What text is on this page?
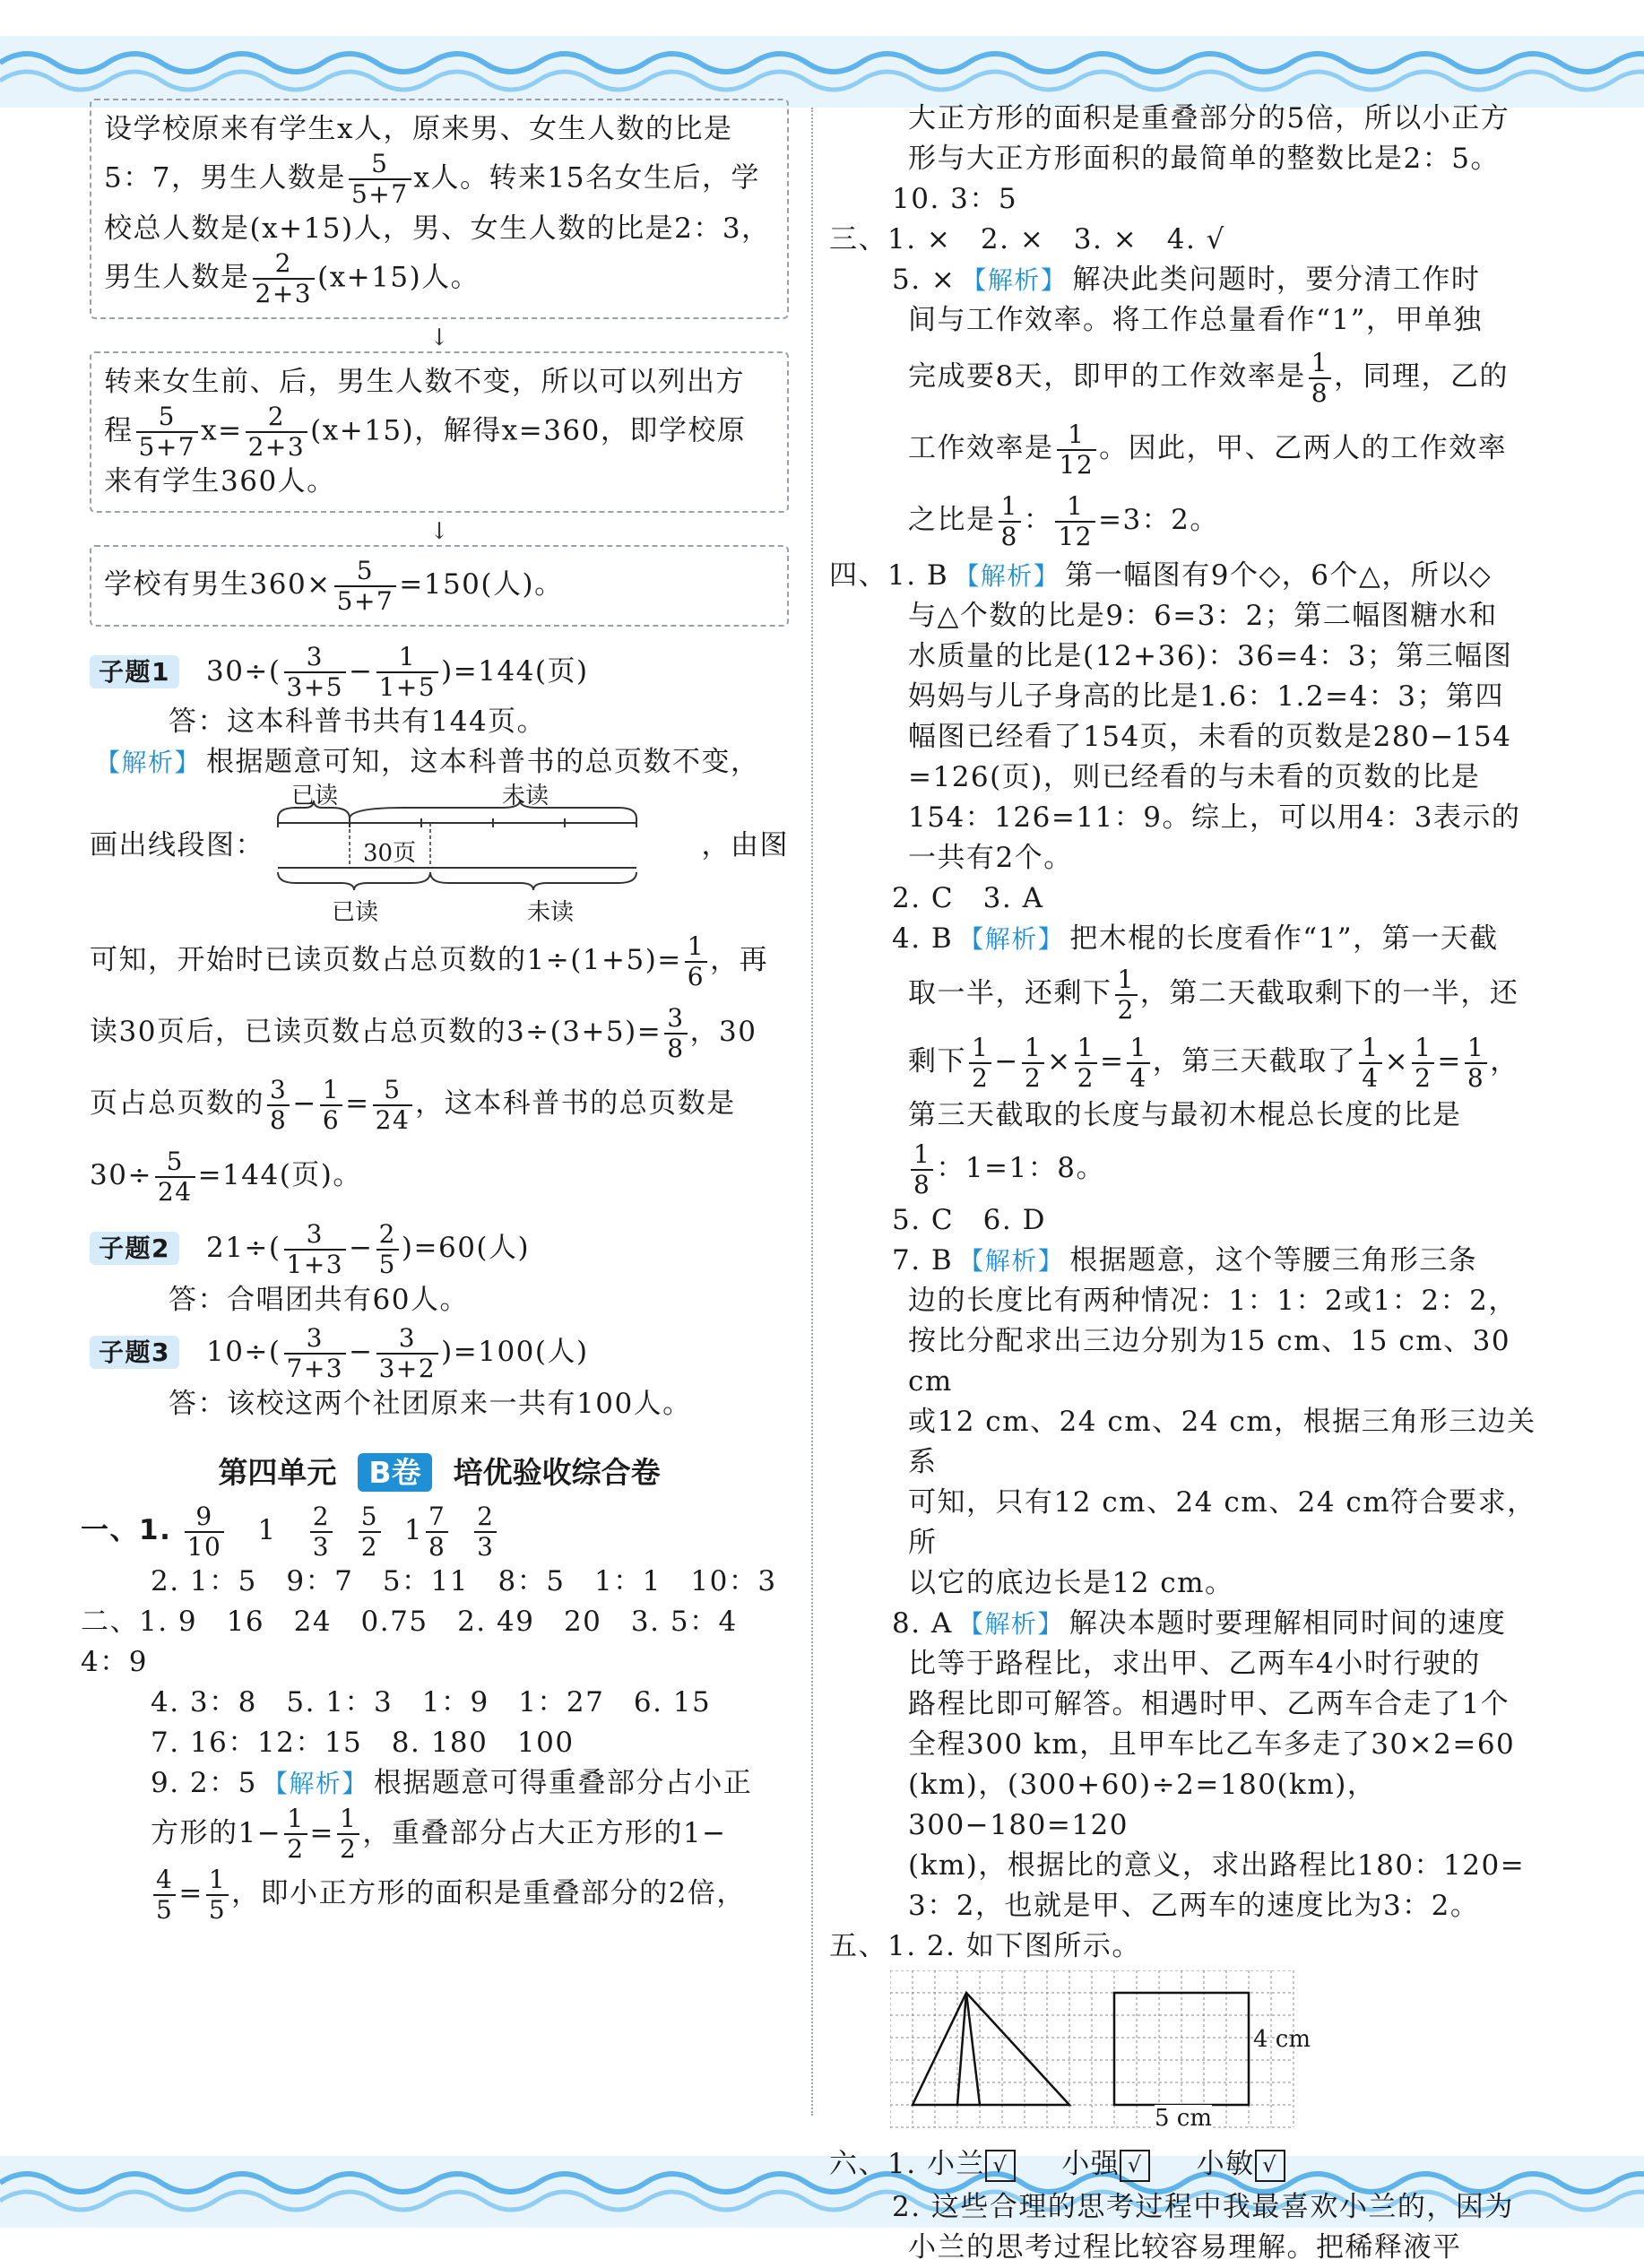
设学校原来有学生x人，原来男、女生人数的比是

5：7，男生人数是 $\frac{5}{5+7}$ x人。转来15名女生后，学

校总人数是(x+15)人，男、女生人数的比是2：3，

男生人数是 $\frac{2}{2+3} (x+15)$人。

↓

转来女生前、后，男生人数不变，所以可以列出方

程 $\frac{5}{5+7} x= \frac{2}{2+3} (x+15)$，解得x=360，即学校原

来有学生360人。

↓

学校有男生$360\times \frac{5}{5+7} =150$(人)。

子题1 $30\div( \frac{3}{3+5} - \frac{1}{1+5} )=144$(页)

答：这本科普书共有144页。

【解析】 根据题意可知，这本科普书的总页数不变，

画出线段图：	，由图
已读	未读
30页
已读	未读

可知，开始时已读页数占总页数的$1\div(1+5)= \frac{1}{6}$ ，再

读30页后，已读页数占总页数的$3\div(3+5)= \frac{3}{8}$ ，30

页占总页数的 $\frac{3}{8} - \frac{1}{6} = \frac{5}{24}$ ，这本科普书的总页数是

$30\div \frac{5}{24} =144$(页)。

子题2 $21\div( \frac{3}{1+3} - \frac{2}{5} )=60$(人)

答：合唱团共有60人。

子题3 $10\div( \frac{3}{7+3} - \frac{3}{3+2} )=100$(人)

答：该校这两个社团原来一共有100人。

第四单元 B卷 培优验收综合卷

一、1. $\frac{9}{10} 1 \frac{2}{3}$
$\frac{5}{2} 1 \frac{7}{8}$
$\frac{2}{3}$

2. 1：5　9：7　5：11　8：5　1：1　10：3

二、1. 9　16　24　0.75　2. 49　20　3. 5：4　4：9

4. 3：8　5. 1：3　1：9　1：27　6. 15

7. 16：12：15　8. 180　100

9. 2：5 【解析】 根据题意可得重叠部分占小正

方形的$1- \frac{1}{2} = \frac{1}{2}$ ，重叠部分占大正方形的1−

$\frac{4}{5} = \frac{1}{5}$ ，即小正方形的面积是重叠部分的2倍，

大正方形的面积是重叠部分的5倍，所以小正方

形与大正方形面积的最简单的整数比是2：5。

10. 3：5

三、1. ×　2. ×　3. ×　4. √

5. × 【解析】 解决此类问题时，要分清工作时

间与工作效率。将工作总量看作“1”，甲单独

完成要8天，即甲的工作效率是 $\frac{1}{8}$ ，同理，乙的

工作效率是 $\frac{1}{12}$ 。因此，甲、乙两人的工作效率

之比是 $\frac{1}{8}$ ： $\frac{1}{12} =3$：2。

四、1. B 【解析】 第一幅图有9个◇，6个△，所以◇

与△个数的比是9：6=3：2；第二幅图糖水和

水质量的比是(12+36)：36=4：3；第三幅图

妈妈与儿子身高的比是1.6：1.2=4：3；第四

幅图已经看了154页，未看的页数是280−154

=126(页)，则已经看的与未看的页数的比是

154：126=11：9。综上，可以用4：3表示的

一共有2个。

2. C　3. A

4. B 【解析】 把木棍的长度看作“1”，第一天截

取一半，还剩下 $\frac{1}{2}$ ，第二天截取剩下的一半，还

剩下 $\frac{1}{2} - \frac{1}{2} \times \frac{1}{2} = \frac{1}{4}$ ，第三天截取了 $\frac{1}{4} \times \frac{1}{2} = \frac{1}{8}$ ，

第三天截取的长度与最初木棍总长度的比是

$\frac{1}{8}$ ：1=1：8。

5. C　6. D

7. B 【解析】 根据题意，这个等腰三角形三条

边的长度比有两种情况：1：1：2或1：2：2，

按比分配求出三边分别为15 cm、15 cm、30 cm

或12 cm、24 cm、24 cm，根据三角形三边关系

可知，只有12 cm、24 cm、24 cm符合要求，所

以它的底边长是12 cm。

8. A 【解析】 解决本题时要理解相同时间的速度

比等于路程比，求出甲、乙两车4小时行驶的

路程比即可解答。相遇时甲、乙两车合走了1个

全程300 km，且甲车比乙车多走了30×2=60

(km)，(300+60)÷2=180(km)，300−180=120

(km)，根据比的意义，求出路程比180：120=

3：2，也就是甲、乙两车的速度比为3：2。

五、1. 2. 如下图所示。

4 cm
5 cm

六、1. 小兰 √ 小强 √ 小敏 √

2. 这些合理的思考过程中我最喜欢小兰的，因为

小兰的思考过程比较容易理解。把稀释液平
